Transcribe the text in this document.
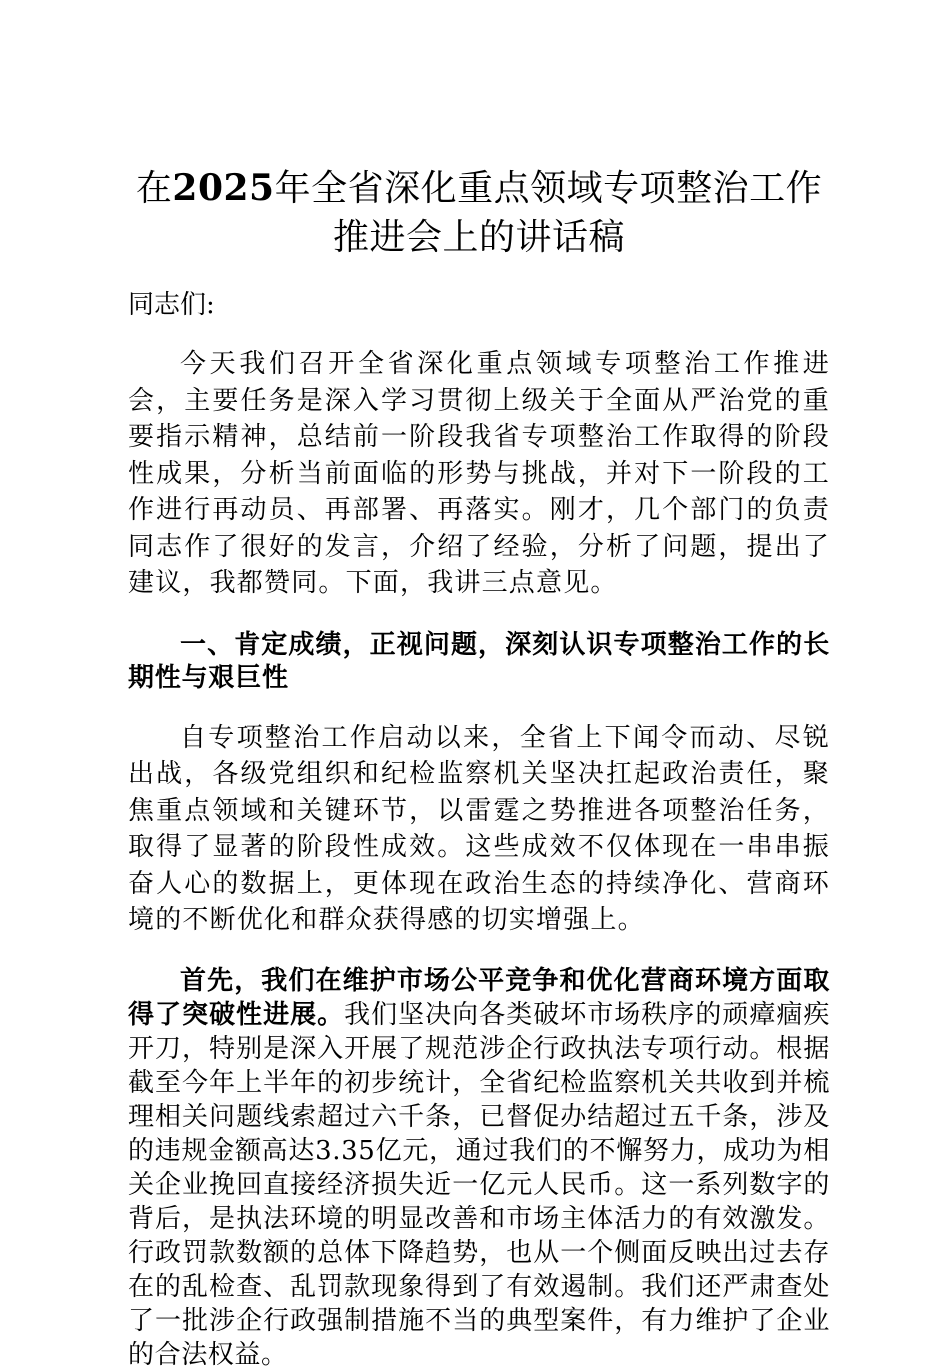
在2025年全省深化重点领域专项整治工作推进会上的讲话稿

同志们:

今天我们召开全省深化重点领域专项整治工作推进会，主要任务是深入学习贯彻上级关于全面从严治党的重要指示精神，总结前一阶段我省专项整治工作取得的阶段性成果，分析当前面临的形势与挑战，并对下一阶段的工作进行再动员、再部署、再落实。刚才，几个部门的负责同志作了很好的发言，介绍了经验，分析了问题，提出了建议，我都赞同。下面，我讲三点意见。

一、肯定成绩，正视问题，深刻认识专项整治工作的长期性与艰巨性

自专项整治工作启动以来，全省上下闻令而动、尽锐出战，各级党组织和纪检监察机关坚决扛起政治责任，聚焦重点领域和关键环节，以雷霆之势推进各项整治任务，取得了显著的阶段性成效。这些成效不仅体现在一串串振奋人心的数据上，更体现在政治生态的持续净化、营商环境的不断优化和群众获得感的切实增强上。

首先，我们在维护市场公平竞争和优化营商环境方面取得了突破性进展。我们坚决向各类破坏市场秩序的顽瘴痼疾开刀，特别是深入开展了规范涉企行政执法专项行动。根据截至今年上半年的初步统计，全省纪检监察机关共收到并梳理相关问题线索超过六千条，已督促办结超过五千条，涉及的违规金额高达3.35亿元，通过我们的不懈努力，成功为相关企业挽回直接经济损失近一亿元人民币。这一系列数字的背后，是执法环境的明显改善和市场主体活力的有效激发。行政罚款数额的总体下降趋势，也从一个侧面反映出过去存在的乱检查、乱罚款现象得到了有效遏制。我们还严肃查处了一批涉企行政强制措施不当的典型案件，有力维护了企业的合法权益。
